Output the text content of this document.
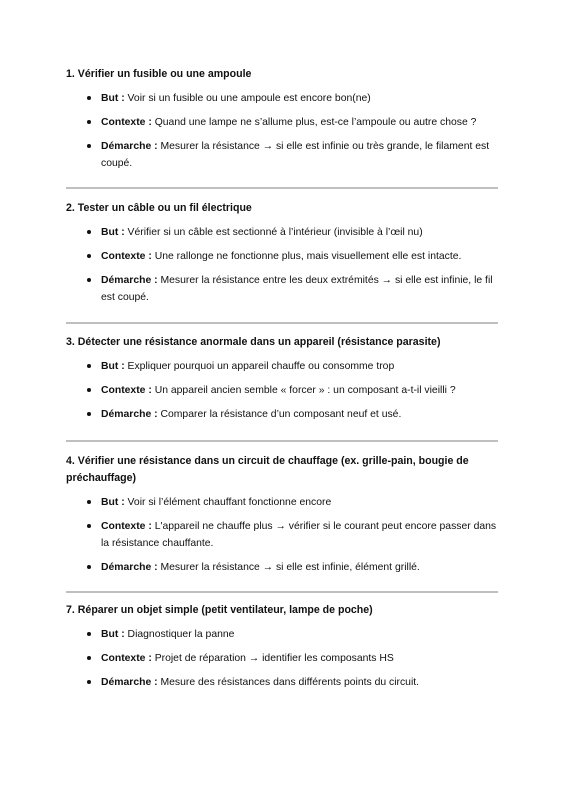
1. Vérifier un fusible ou une ampoule
But : Voir si un fusible ou une ampoule est encore bon(ne)
Contexte : Quand une lampe ne s’allume plus, est-ce l’ampoule ou autre chose ?
Démarche : Mesurer la résistance → si elle est infinie ou très grande, le filament est coupé.
2. Tester un câble ou un fil électrique
But : Vérifier si un câble est sectionné à l’intérieur (invisible à l’œil nu)
Contexte : Une rallonge ne fonctionne plus, mais visuellement elle est intacte.
Démarche : Mesurer la résistance entre les deux extrémités → si elle est infinie, le fil est coupé.
3. Détecter une résistance anormale dans un appareil (résistance parasite)
But : Expliquer pourquoi un appareil chauffe ou consomme trop
Contexte : Un appareil ancien semble « forcer » : un composant a-t-il vieilli ?
Démarche : Comparer la résistance d’un composant neuf et usé.
4. Vérifier une résistance dans un circuit de chauffage (ex. grille-pain, bougie de préchauffage)
But : Voir si l’élément chauffant fonctionne encore
Contexte : L'appareil ne chauffe plus → vérifier si le courant peut encore passer dans la résistance chauffante.
Démarche : Mesurer la résistance → si elle est infinie, élément grillé.
7. Réparer un objet simple (petit ventilateur, lampe de poche)
But : Diagnostiquer la panne
Contexte : Projet de réparation → identifier les composants HS
Démarche : Mesure des résistances dans différents points du circuit.
